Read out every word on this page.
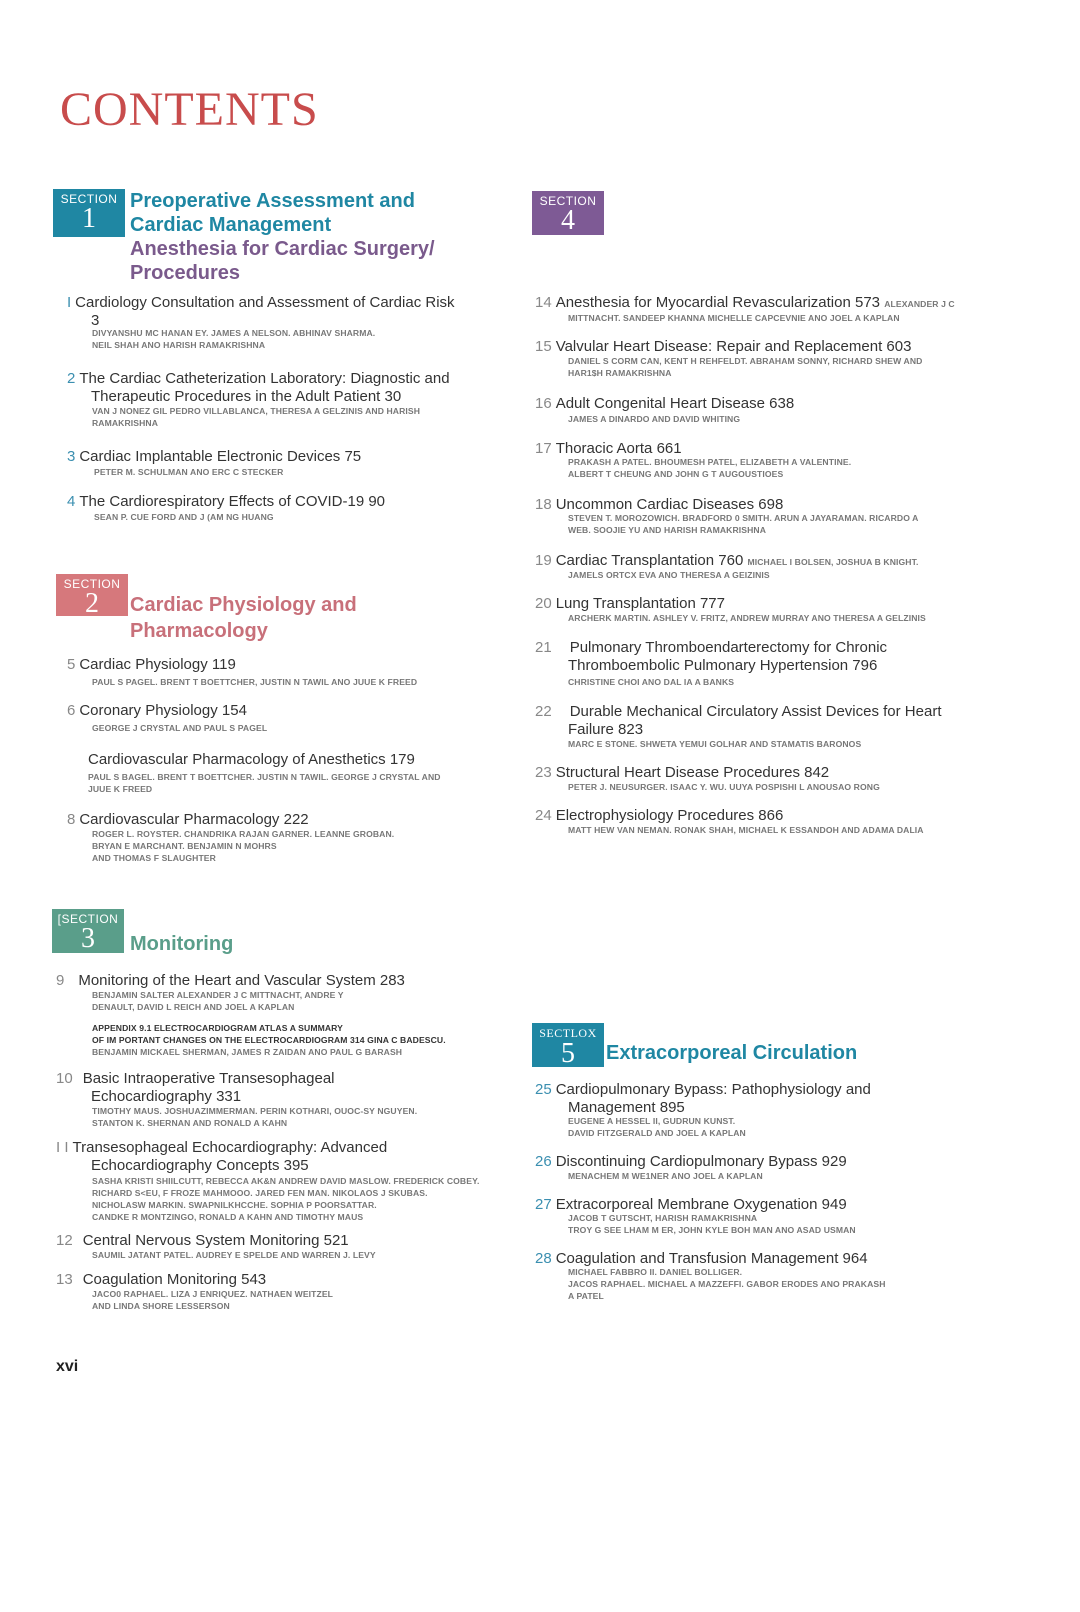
CONTENTS
SECTION
1
Preoperative Assessment and
Cardiac Management
Anesthesia for Cardiac Surgery/
Procedures
SECTION
2	Cardiac Physiology and
Pharmacology
[SECTION
3	Monitoring
SECTION
4
SECTLOX
5	Extracorporeal Circulation
I Cardiology Consultation and Assessment of Cardiac Risk
3
DIVYANSHU MC HANAN EY. JAMES A NELSON. ABHINAV SHARMA.
NEIL SHAH ANO HARISH RAMAKRISHNA
2 The Cardiac Catheterization Laboratory: Diagnostic and
Therapeutic Procedures in the Adult Patient 30
VAN J NONEZ GIL PEDRO VILLABLANCA, THERESA A GELZINIS AND HARISH
RAMAKRISHNA
3 Cardiac Implantable Electronic Devices 75
PETER M. SCHULMAN ANO ERC C STECKER
4 The Cardiorespiratory Effects of COVID-19 90
SEAN P. CUE FORD AND J (AM NG HUANG
5 Cardiac Physiology 119
PAUL S PAGEL. BRENT T BOETTCHER, JUSTIN N TAWIL ANO JUUE K FREED
6 Coronary Physiology 154
GEORGE J CRYSTAL AND PAUL S PAGEL
Cardiovascular Pharmacology of Anesthetics 179
PAUL S BAGEL. BRENT T BOETTCHER. JUSTIN N TAWIL. GEORGE J CRYSTAL AND
JUUE K FREED
8 Cardiovascular Pharmacology 222
ROGER L. ROYSTER. CHANDRIKA RAJAN GARNER. LEANNE GROBAN.
BRYAN E MARCHANT. BENJAMIN N MOHRS
AND THOMAS F SLAUGHTER
9 Monitoring of the Heart and Vascular System 283
BENJAMIN SALTER ALEXANDER J C MITTNACHT, ANDRE Y
DENAULT, DAVID L REICH AND JOEL A KAPLAN
APPENDIX 9.1 ELECTROCARDIOGRAM ATLAS A SUMMARY
OF IM PORTANT CHANGES ON THE ELECTROCARDIOGRAM 314 GINA C BADESCU.
BENJAMIN MICKAEL SHERMAN, JAMES R ZAIDAN ANO PAUL G BARASH
10 Basic Intraoperative Transesophageal
Echocardiography 331
TIMOTHY MAUS. JOSHUAZIMMERMAN. PERIN KOTHARI, OUOC-SY NGUYEN.
STANTON K. SHERNAN AND RONALD A KAHN
I I Transesophageal Echocardiography: Advanced
Echocardiography Concepts 395
SASHA KRISTI SHIILCUTT, REBECCA AK&N ANDREW DAVID MASLOW. FREDERICK COBEY.
RICHARD S<EU, F FROZE MAHMOOO. JARED FEN MAN. NIKOLAOS J SKUBAS.
NICHOLASW MARKIN. SWAPNILKHCCHE. SOPHIA P POORSATTAR.
CANDKE R MONTZINGO, RONALD A KAHN AND TIMOTHY MAUS
12 Central Nervous System Monitoring 521
SAUMIL JATANT PATEL. AUDREY E SPELDE AND WARREN J. LEVY
13 Coagulation Monitoring 543
JACO0 RAPHAEL. LIZA J ENRIQUEZ. NATHAEN WEITZEL
AND LINDA SHORE LESSERSON
xvi
14 Anesthesia for Myocardial Revascularization 573 ALEXANDER J C
MITTNACHT. SANDEEP KHANNA MICHELLE CAPCEVNIE ANO JOEL A KAPLAN
15 Valvular Heart Disease: Repair and Replacement 603
DANIEL S CORM CAN, KENT H REHFELDT. ABRAHAM SONNY, RICHARD SHEW AND
HAR1$H RAMAKRISHNA
16 Adult Congenital Heart Disease 638
JAMES A DINARDO AND DAVID WHITING
17 Thoracic Aorta 661
PRAKASH A PATEL. BHOUMESH PATEL, ELIZABETH A VALENTINE.
ALBERT T CHEUNG AND JOHN G T AUGOUSTIOES
18 Uncommon Cardiac Diseases 698
STEVEN T. MOROZOWICH. BRADFORD 0 SMITH. ARUN A JAYARAMAN. RICARDO A
WEB. SOOJIE YU AND HARISH RAMAKRISHNA
19 Cardiac Transplantation 760 MICHAEL I BOLSEN, JOSHUA B KNIGHT.
JAMELS ORTCX EVA ANO THERESA A GEIZINIS
20 Lung Transplantation 777
ARCHERK MARTIN. ASHLEY V. FRITZ, ANDREW MURRAY ANO THERESA A GELZINIS
21 Pulmonary Thromboendarterectomy for Chronic
Thromboembolic Pulmonary Hypertension 796
CHRISTINE CHOI ANO DAL IA A BANKS
22 Durable Mechanical Circulatory Assist Devices for Heart
Failure 823
MARC E STONE. SHWETA YEMUI GOLHAR AND STAMATIS BARONOS
23 Structural Heart Disease Procedures 842
PETER J. NEUSURGER. ISAAC Y. WU. UUYA POSPISHI L ANOUSAO RONG
24 Electrophysiology Procedures 866
MATT HEW VAN NEMAN. RONAK SHAH, MICHAEL K ESSANDOH AND ADAMA DALIA
25 Cardiopulmonary Bypass: Pathophysiology and
Management 895
EUGENE A HESSEL II, GUDRUN KUNST.
DAVID FITZGERALD AND JOEL A KAPLAN
26 Discontinuing Cardiopulmonary Bypass 929
MENACHEM M WE1NER ANO JOEL A KAPLAN
27 Extracorporeal Membrane Oxygenation 949
JACOB T GUTSCHT, HARISH RAMAKRISHNA
TROY G SEE LHAM M ER, JOHN KYLE BOH MAN ANO ASAD USMAN
28 Coagulation and Transfusion Management 964
MICHAEL FABBRO II. DANIEL BOLLIGER.
JACOS RAPHAEL. MICHAEL A MAZZEFFI. GABOR ERODES ANO PRAKASH
A PATEL
